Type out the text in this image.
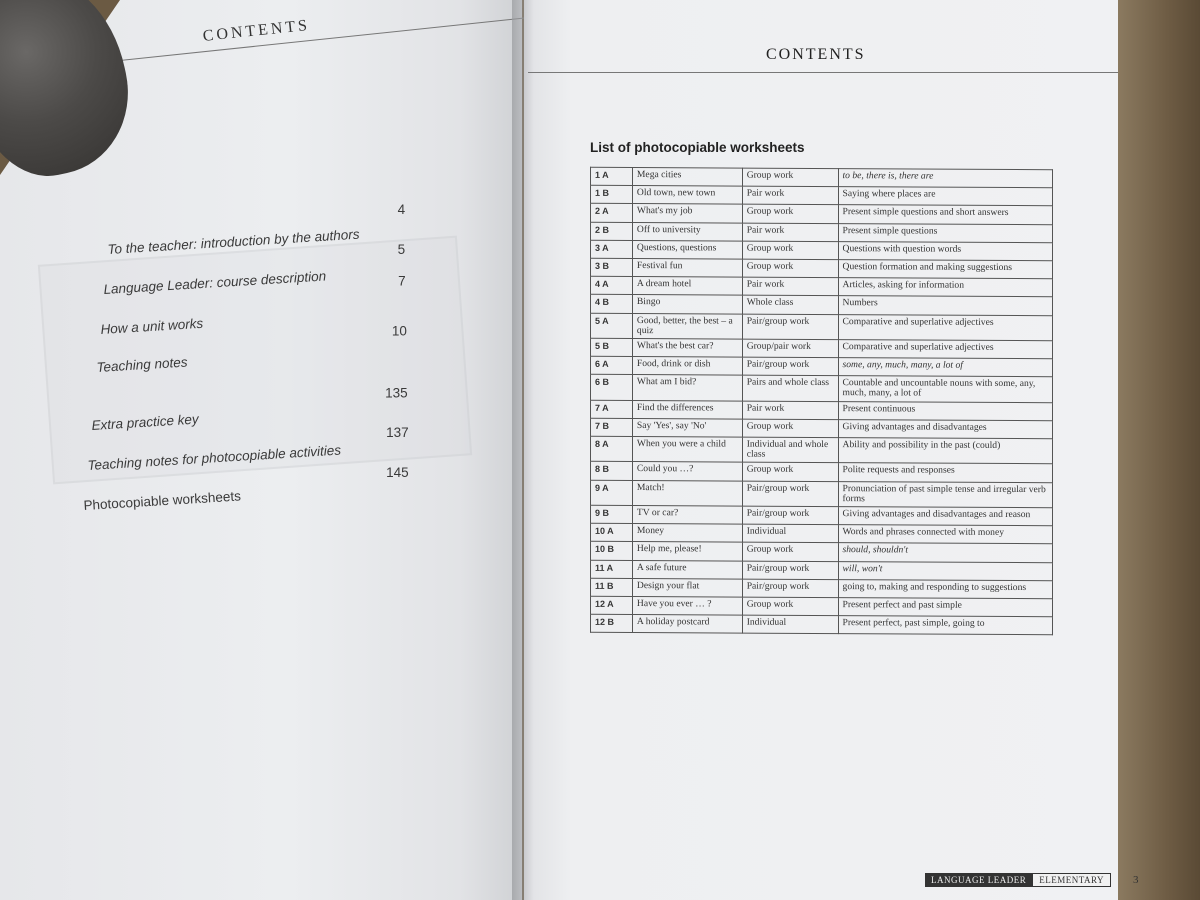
CONTENTS
To the teacher: introduction by the authors
4
Language Leader: course description
5
How a unit works
7
Teaching notes
10
Extra practice key
135
Teaching notes for photocopiable activities
137
Photocopiable worksheets
145
CONTENTS
List of photocopiable worksheets
1 A	Mega cities	Group work	to be, there is, there are
1 B	Old town, new town	Pair work	Saying where places are
2 A	What's my job	Group work	Present simple questions and short answers
2 B	Off to university	Pair work	Present simple questions
3 A	Questions, questions	Group work	Questions with question words
3 B	Festival fun	Group work	Question formation and making suggestions
4 A	A dream hotel	Pair work	Articles, asking for information
4 B	Bingo	Whole class	Numbers
5 A	Good, better, the best – a quiz	Pair/group work	Comparative and superlative adjectives
5 B	What's the best car?	Group/pair work	Comparative and superlative adjectives
6 A	Food, drink or dish	Pair/group work	some, any, much, many, a lot of
6 B	What am I bid?	Pairs and whole class	Countable and uncountable nouns with some, any, much, many, a lot of
7 A	Find the differences	Pair work	Present continuous
7 B	Say 'Yes', say 'No'	Group work	Giving advantages and disadvantages
8 A	When you were a child	Individual and whole class	Ability and possibility in the past (could)
8 B	Could you …?	Group work	Polite requests and responses
9 A	Match!	Pair/group work	Pronunciation of past simple tense and irregular verb forms
9 B	TV or car?	Pair/group work	Giving advantages and disadvantages and reason
10 A	Money	Individual	Words and phrases connected with money
10 B	Help me, please!	Group work	should, shouldn't
11 A	A safe future	Pair/group work	will, won't
11 B	Design your flat	Pair/group work	going to, making and responding to suggestions
12 A	Have you ever … ?	Group work	Present perfect and past simple
12 B	A holiday postcard	Individual	Present perfect, past simple, going to
LANGUAGE LEADER	ELEMENTARY	3
